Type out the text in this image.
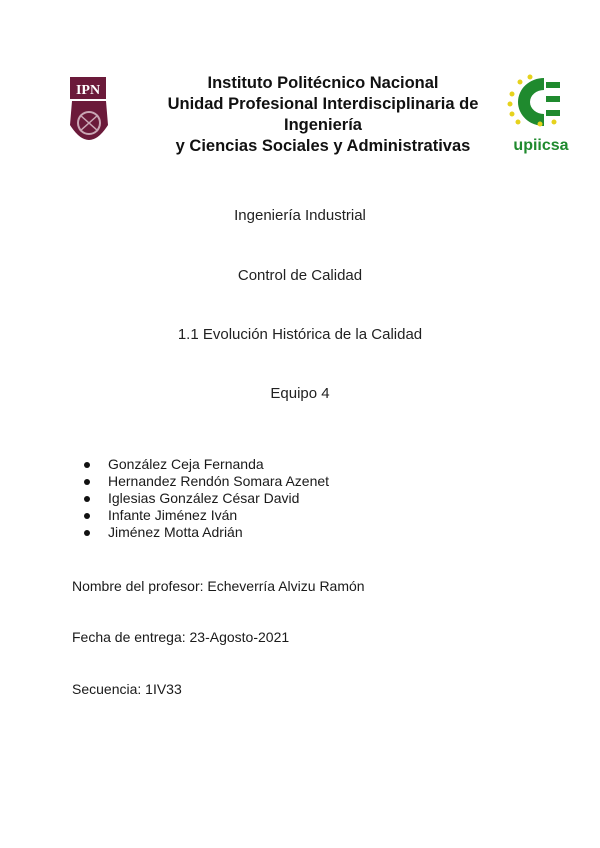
IPN	Instituto Politécnico Nacional
Unidad Profesional Interdisciplinaria de
Ingeniería
y Ciencias Sociales y Administrativas	upiicsa
Ingeniería Industrial
Control de Calidad
1.1 Evolución Histórica de la Calidad
Equipo 4
González Ceja Fernanda
Hernandez Rendón Somara Azenet
Iglesias González César David
Infante Jiménez Iván
Jiménez Motta Adrián
Nombre del profesor: Echeverría Alvizu Ramón
Fecha de entrega: 23-Agosto-2021
Secuencia: 1IV33
